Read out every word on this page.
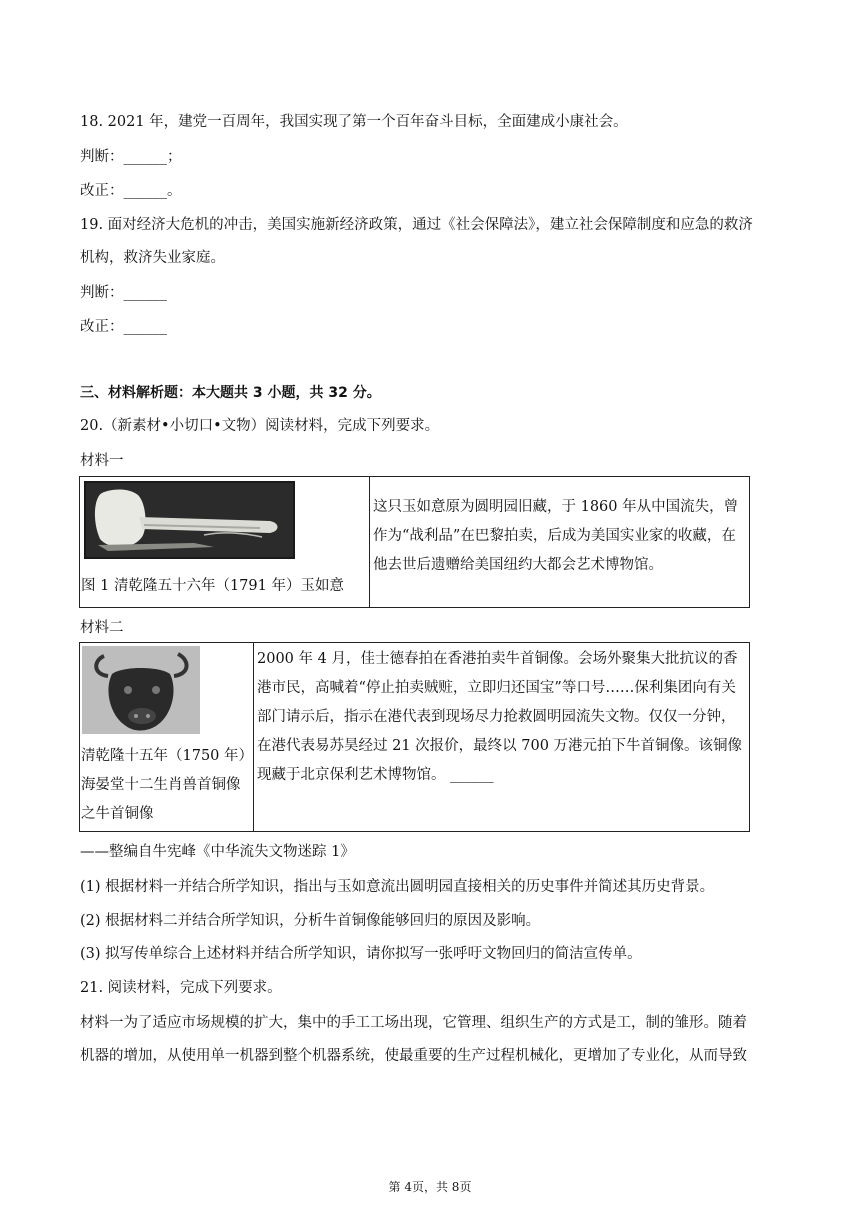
18. 2021 年，建党一百周年，我国实现了第一个百年奋斗目标，全面建成小康社会。
判断：______；
改正：______。
19. 面对经济大危机的冲击，美国实施新经济政策，通过《社会保障法》，建立社会保障制度和应急的救济
机构，救济失业家庭。
判断：______
改正：______
三、材料解析题：本大题共 3 小题，共 32 分。
20.（新素材•小切口•文物）阅读材料，完成下列要求。
材料一
图 1 清乾隆五十六年（1791 年）玉如意

这只玉如意原为圆明园旧藏，于 1860 年从中国流失，曾作为“战利品”在巴黎拍卖，后成为美国实业家的收藏，在他去世后遗赠给美国纽约大都会艺术博物馆。
材料二
清乾隆十五年（1750 年）海晏堂十二生肖兽首铜像之牛首铜像

2000 年 4 月，佳士德春拍在香港拍卖牛首铜像。会场外聚集大批抗议的香港市民，高喊着“停止拍卖贼赃，立即归还国宝”等口号……保利集团向有关部门请示后，指示在港代表到现场尽力抢救圆明园流失文物。仅仅一分钟，在港代表易苏昊经过 21 次报价，最终以 700 万港元拍下牛首铜像。该铜像现藏于北京保利艺术博物馆。 ______
——整编自牛宪峰《中华流失文物迷踪 1》
(1) 根据材料一并结合所学知识，指出与玉如意流出圆明园直接相关的历史事件并简述其历史背景。
(2) 根据材料二并结合所学知识，分析牛首铜像能够回归的原因及影响。
(3) 拟写传单综合上述材料并结合所学知识，请你拟写一张呼吁文物回归的简洁宣传单。
21. 阅读材料，完成下列要求。
材料一为了适应市场规模的扩大，集中的手工工场出现，它管理、组织生产的方式是工，制的雏形。随着
机器的增加，从使用单一机器到整个机器系统，使最重要的生产过程机械化，更增加了专业化，从而导致
第 4页，共 8页
